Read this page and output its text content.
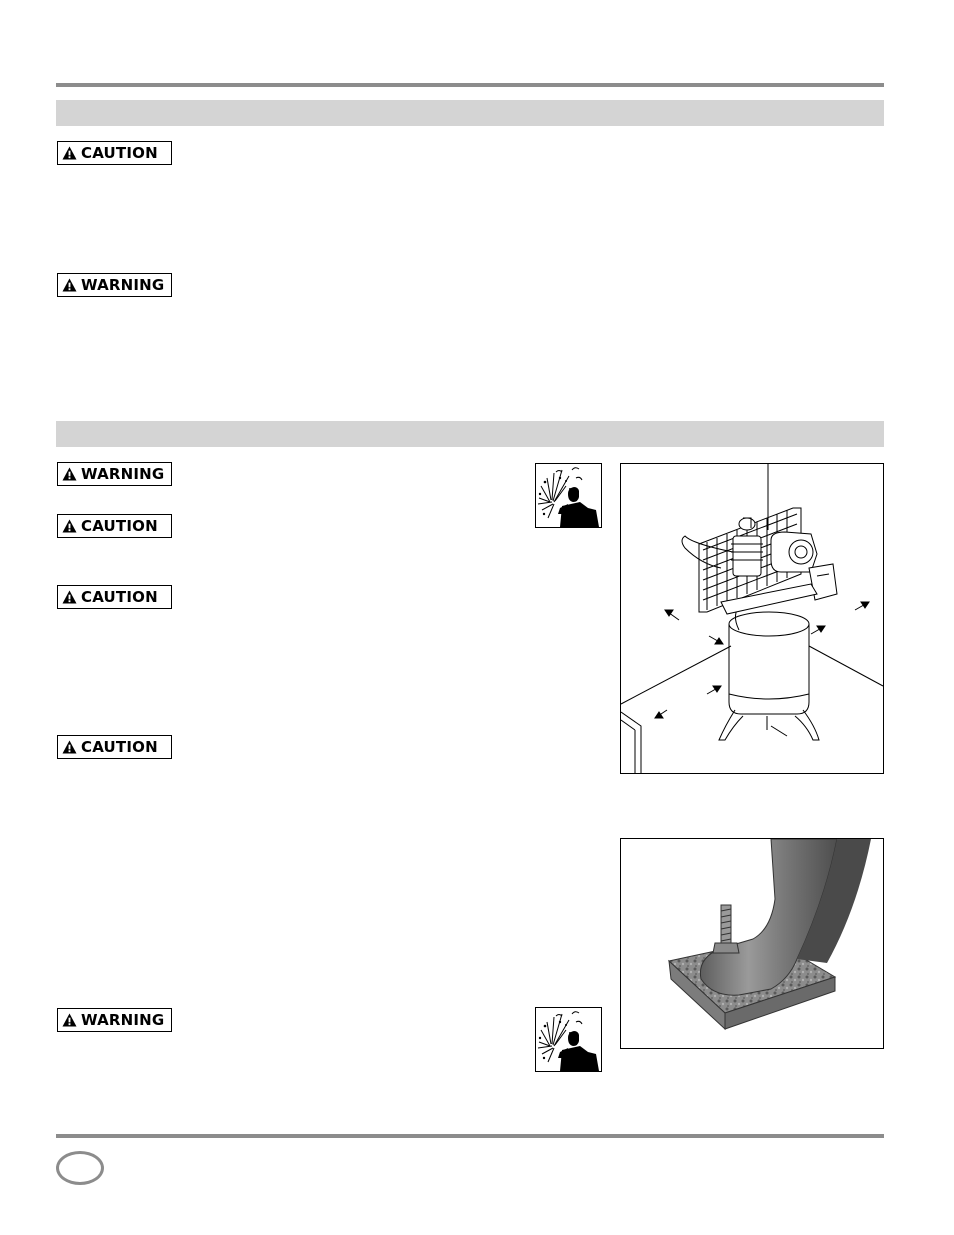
CAUTION
WARNING
WARNING
CAUTION
CAUTION
CAUTION
WARNING
